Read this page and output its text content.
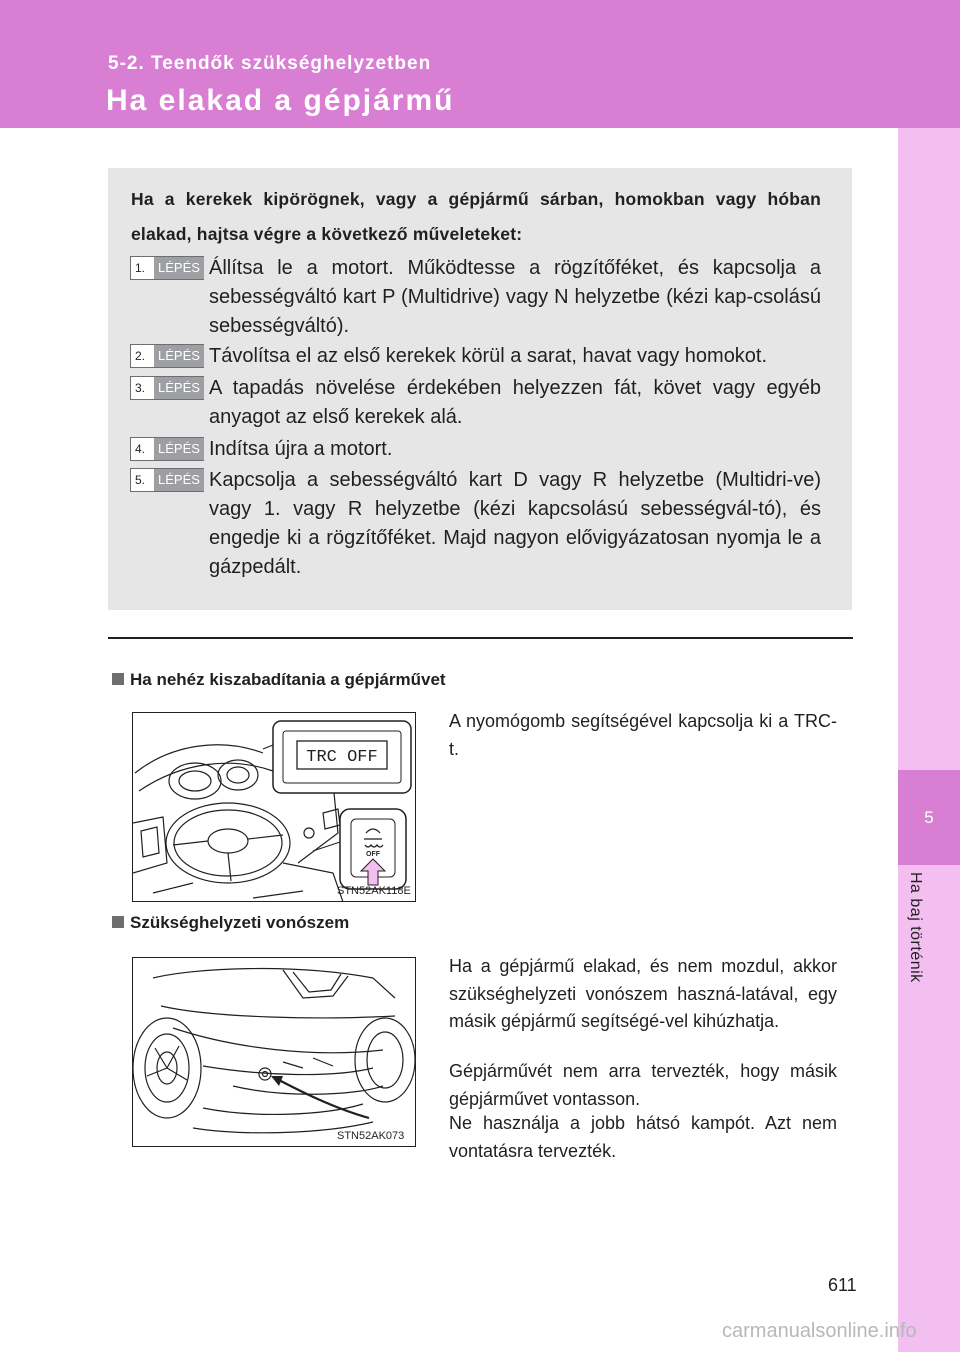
5-2. Teendők szükséghelyzetben
Ha elakad a gépjármű
5
Ha baj történik
Ha a kerekek kipörögnek, vagy a gépjármű sárban, homokban vagy hóban elakad, hajtsa végre a következő műveleteket:
1.	LÉPÉS Állítsa le a motort. Működtesse a rögzítőféket, és kapcsolja a sebességváltó kart P (Multidrive) vagy N helyzetbe (kézi kap-csolású sebességváltó).
2.	LÉPÉS Távolítsa el az első kerekek körül a sarat, havat vagy homokot.
3.	LÉPÉS A tapadás növelése érdekében helyezzen fát, követ vagy egyéb anyagot az első kerekek alá.
4.	LÉPÉS Indítsa újra a motort.
5.	LÉPÉS Kapcsolja a sebességváltó kart D vagy R helyzetbe (Multidri-ve) vagy 1. vagy R helyzetbe (kézi kapcsolású sebességvál-tó), és engedje ki a rögzítőféket. Majd nagyon elővigyázatosan nyomja le a gázpedált.
Ha nehéz kiszabadítania a gépjárművet
TRC OFF
OFF
STN52AK118E
A nyomógomb segítségével kapcsolja ki a TRC-t.
Szükséghelyzeti vonószem
STN52AK073
Ha a gépjármű elakad, és nem mozdul, akkor szükséghelyzeti vonószem haszná-latával, egy másik gépjármű segítségé-vel kihúzhatja.
Gépjárművét nem arra tervezték, hogy másik gépjárművet vontasson.
Ne használja a jobb hátsó kampót. Azt nem vontatásra tervezték.
611
carmanualsonline.info
